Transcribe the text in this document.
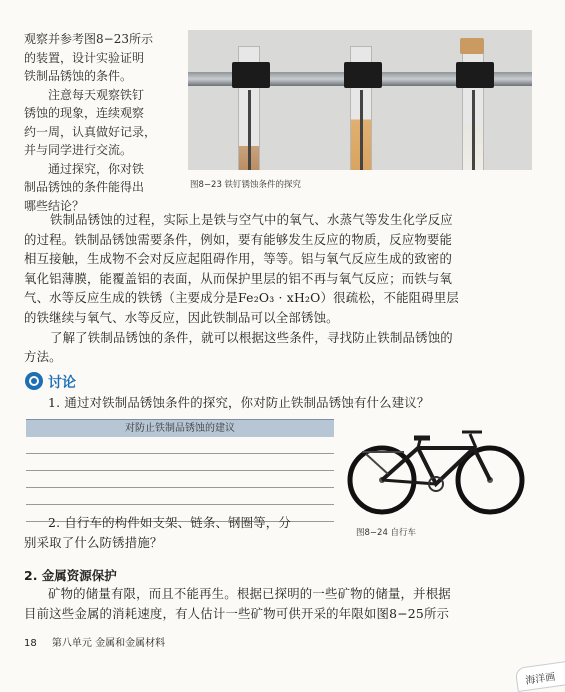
观察并参考图8−23所示
的装置，设计实验证明
铁制品锈蚀的条件。
注意每天观察铁钉
锈蚀的现象，连续观察
约一周，认真做好记录，
并与同学进行交流。
通过探究，你对铁
制品锈蚀的条件能得出
哪些结论？
图8−23 铁钉锈蚀条件的探究

铁制品锈蚀的过程，实际上是铁与空气中的氧气、水蒸气等发生化学反应

的过程。铁制品锈蚀需要条件，例如，要有能够发生反应的物质，反应物要能

相互接触，生成物不会对反应起阻碍作用，等等。铝与氧气反应生成的致密的

氧化铝薄膜，能覆盖铝的表面，从而保护里层的铝不再与氧气反应；而铁与氧

气、水等反应生成的铁锈（主要成分是Fe₂O₃ · xH₂O）很疏松，不能阻碍里层

的铁继续与氧气、水等反应，因此铁制品可以全部锈蚀。

了解了铁制品锈蚀的条件，就可以根据这些条件，寻找防止铁制品锈蚀的

方法。

讨论
1. 通过对铁制品锈蚀条件的探究，你对防止铁制品锈蚀有什么建议？
对防止铁制品锈蚀的建议
图8−24 自行车

2. 自行车的构件如支架、链条、钢圈等，分

别采取了什么防锈措施？

2. 金属资源保护

矿物的储量有限，而且不能再生。根据已探明的一些矿物的储量，并根据

目前这些金属的消耗速度，有人估计一些矿物可供开采的年限如图8−25所示

18 第八单元 金属和金属材料
海洋画
